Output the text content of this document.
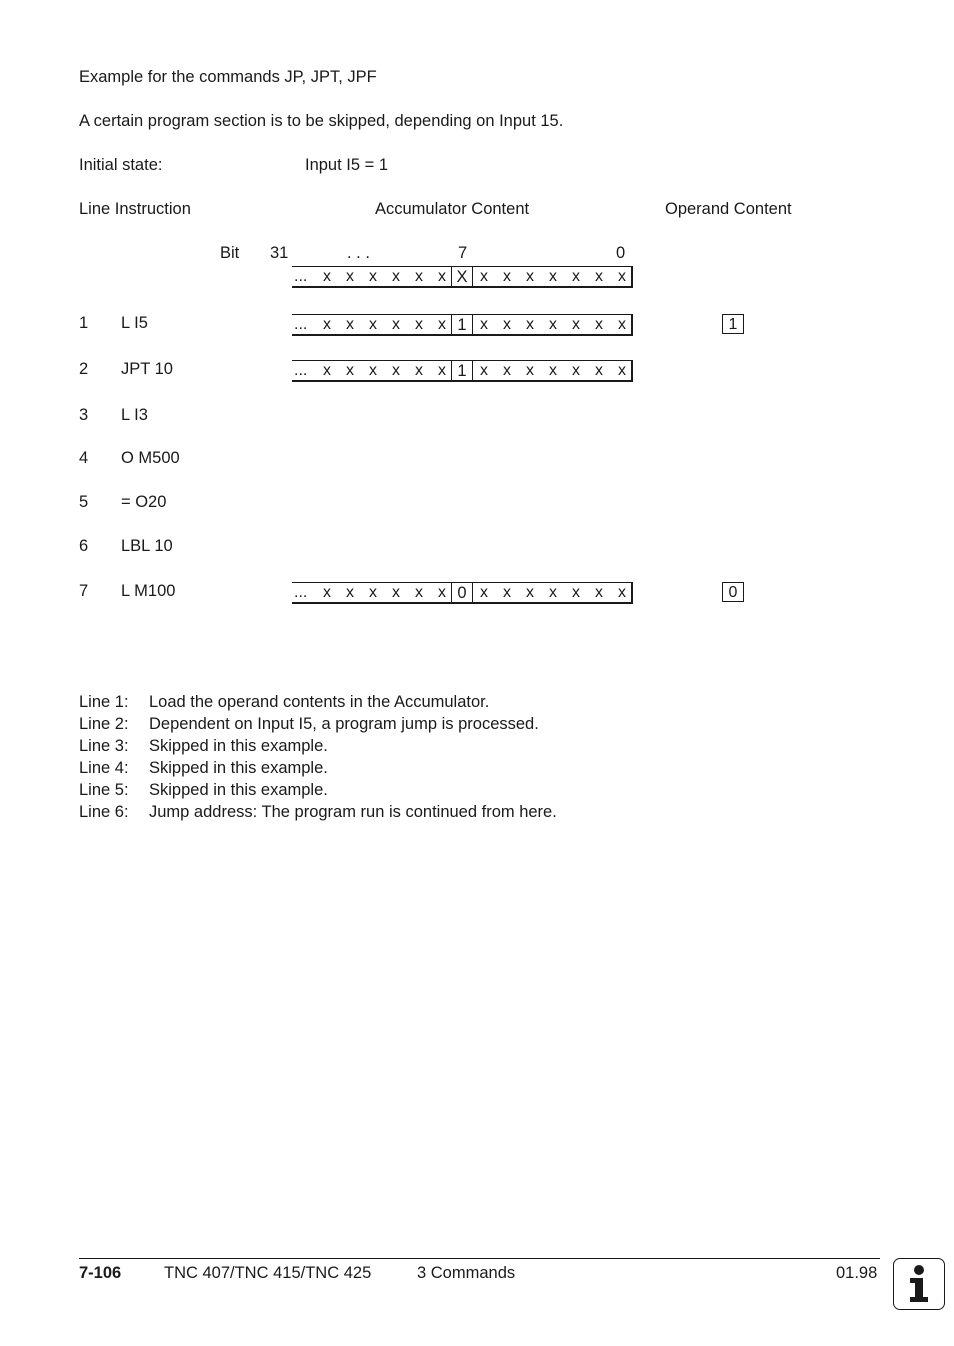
Example for the commands JP, JPT, JPF
A certain program section is to be skipped, depending on Input 15.
Initial state:	Input I5 = 1
Line Instruction	Accumulator Content	Operand Content
Bit 31	. . .	7	0
... x x x x x x X x x x x x x x
1 L I5	... x x x x x x 1 x x x x x x x	1
2 JPT 10	... x x x x x x 1 x x x x x x x
3 L I3
4 O M500
5 = O20
6 LBL 10
7 L M100	... x x x x x x 0 x x x x x x x	0
Line 1: Load the operand contents in the Accumulator.
Line 2: Dependent on Input I5, a program jump is processed.
Line 3: Skipped in this example.
Line 4: Skipped in this example.
Line 5: Skipped in this example.
Line 6: Jump address: The program run is continued from here.
7-106	TNC 407/TNC 415/TNC 425	3 Commands	01.98
